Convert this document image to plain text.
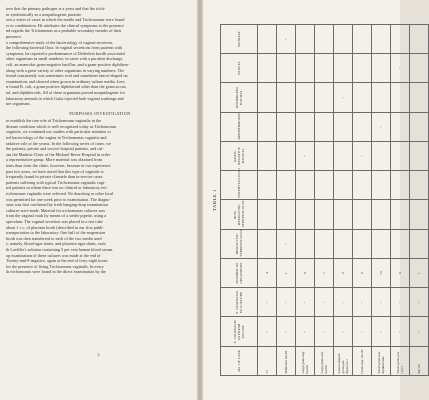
ieve that the primary pathogen is a yeast and that the trich-
ur symbiotically as a nonpathogenic parasite.
orts a series of cases in which the motile and Trichomonas were found
er in combination. He attributes the clinical symptoms to the presence
nd regards the Trichomonas as a probable secondary invader of their
presence.
a comprehensive study of the bacteriology of vaginal secretion,
the following bacterial flora. In vaginal secretions from patients with
symptoms, he reported a predominance of Döderlein bacilli associated
other organisms in small numbers; in cases with a purulent discharge,
coli, an anaerobic gram-negative bacillus, and a gram-positive diphthero-
along with a great variety of other organisms in varying numbers. The
found consistently was sometimes oval and sometimes lancet-shaped on
examination, and showed when grown in ordinary culture media. Lees
n found B. coli, a gram-positive diphtheroid other than the gonococcus,
tal, and diphtheroids. All of these organisms proved nonpathogenic for
laboratory animals in which Gatta injected both vaginal washings and
ure organisms.
PURPOSES INVESTIGATION
to establish the true role of Trichomonas vaginalis in the
disease condition which is well recognized today as Trichomonas
vaginitis, we continued our studies with particular attention to
ted bacteriology of the vagina in Trichomonas vaginitis and
radative role of the yeasts. In the following series of cases, we
the patients, private and service hospital patients, and cul-
om the Manhist Clinic of the Michael Reese Hospital in order
a representative group. More material was obtained from
ients than from the clinic, however, because in our experience
past two years, we have noted that this type of vaginitis is
frequently found in private clientele than in service cases.
patients suffering with typical Trichomonas vaginalis vagi-
ted patients in whom there was no clinical or laboratory evi-
richomonas vaginalis were selected. No douching or other local
was permitted for one week prior to examination. The diagno-
onas was first confirmed by fresh hanging-drop examination
cultures were made. Material for trichomonas cultures was
from the vaginal vault by means of a sterile pipette, using a
speculum. The vaginal secretion was placed in a test tube
about 1 c.c. of placenta broth (described in our first publi-
transportation to the laboratory. One half of the suspension
broth was then transferred to each of the two media used
y, namely, blood-agar slants, and placenta-agar slants, each
th Loeffler's solution containing 5 per cent human blood serum.
op examination of these cultures was made at the end of
Twenty-and-8 negative, again at the end of forty-eight hours
for the presence of living Trichomonas vaginalis. In every
th trichomonas were found in the direct examination by the
2
TABLE 1
NO. OF CASE	T. VAGINALIS IN FRESH MOUNT	T. VAGINALIS IN CULTURE	NUMBER OF ORGANISMS	HEMOLYTIC STREPTOCOCCI	NON-HEMOLYTIC STREPTOCOCCI	STAPHYLOCOCCI	GRAM-NEGATIVE BACILLI	DIPHTHEROIDS	DÖDERLEIN BACILLI	YEASTS	MONILIA
17	+	+	4								
Döderlein bacilli	+	+	1	+							+
Large gram-neg. bacilli	+	+	11				+				
Large gram-pos. bacilli	+	+	7								
Lancet-shaped gram-pos. diplococci	+	+	9						+		
Gram-neg. bacilli	+	+	6				+				
Small gram-pos. diphtheroids	+	+	13					+			
Small gram-pos. cocci	+	+	8							+	
Bacilli	+	+	1								
